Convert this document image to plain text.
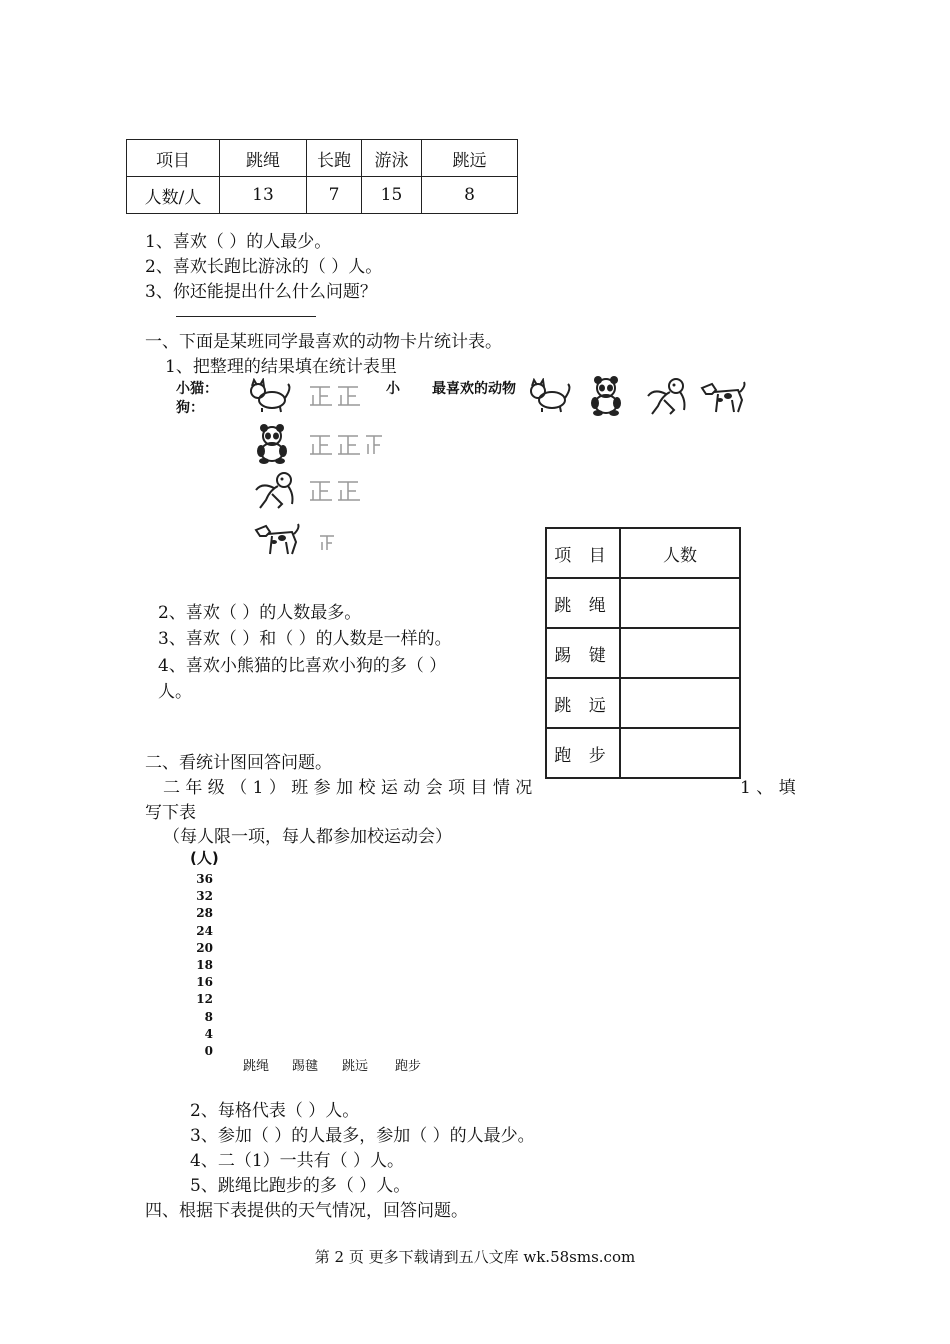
项目	跳绳	长跑	游泳	跳远
人数/人	13	7	15	8
1、喜欢（ ）的人最少。
2、喜欢长跑比游泳的（ ）人。
3、你还能提出什么什么问题？
一、下面是某班同学最喜欢的动物卡片统计表。
1、把整理的结果填在统计表里
小猫：	小 最喜欢的动物
狗：
项 目	人数
跳 绳	
踢 键	
跳 远	
跑 步	
2、喜欢（ ）的人数最多。
3、喜欢（ ）和（ ）的人数是一样的。
4、喜欢小熊猫的比喜欢小狗的多（ ）
人。
二、看统计图回答问题。
二 年 级 （ 1 ） 班 参 加 校 运 动 会 项 目 情 况	1 、 填
写下表
（每人限一项，每人都参加校运动会）
(人)
36
32
28
24
20
18
16
12
8
4
0
跳绳 踢毽 跳远 跑步
2、每格代表（ ）人。
3、参加（ ）的人最多，参加（ ）的人最少。
4、二（1）一共有（ ）人。
5、跳绳比跑步的多（ ）人。
四、根据下表提供的天气情况，回答问题。
第 2 页 更多下载请到五八文库 wk.58sms.com
